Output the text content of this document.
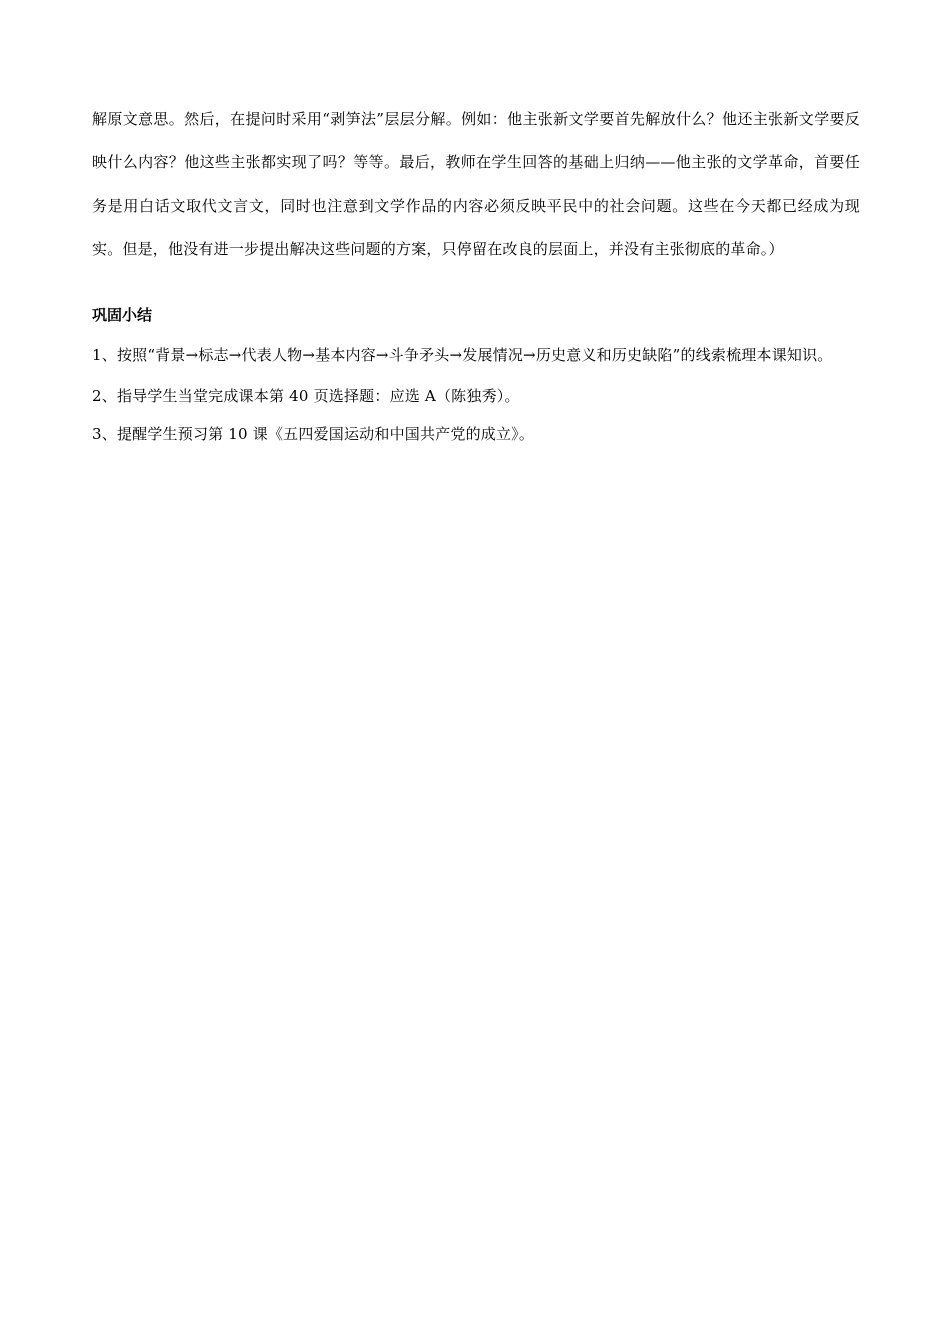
解原文意思。然后，在提问时采用“剥笋法”层层分解。例如：他主张新文学要首先解放什么？他还主张新文学要反映什么内容？他这些主张都实现了吗？等等。最后，教师在学生回答的基础上归纳——他主张的文学革命，首要任务是用白话文取代文言文，同时也注意到文学作品的内容必须反映平民中的社会问题。这些在今天都已经成为现实。但是，他没有进一步提出解决这些问题的方案，只停留在改良的层面上，并没有主张彻底的革命。）

巩固小结

1、按照“背景→标志→代表人物→基本内容→斗争矛头→发展情况→历史意义和历史缺陷”的线索梳理本课知识。
2、指导学生当堂完成课本第 40 页选择题：应选 A（陈独秀）。
3、提醒学生预习第 10 课《五四爱国运动和中国共产党的成立》。
